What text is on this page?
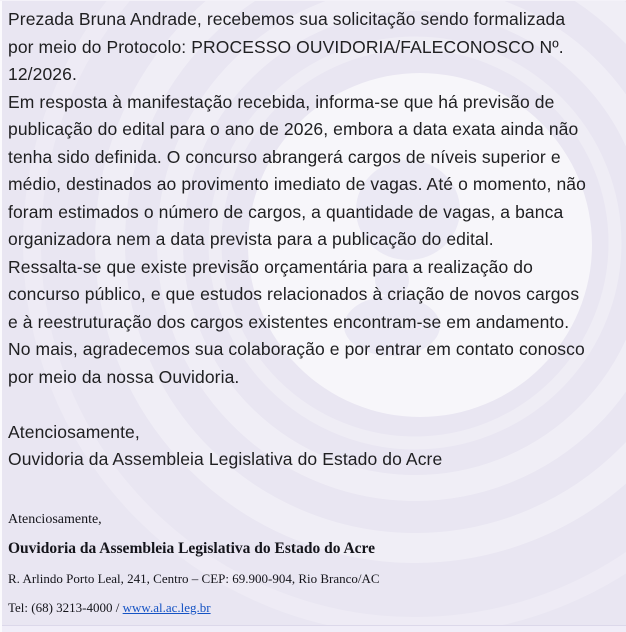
Prezada Bruna Andrade, recebemos sua solicitação sendo formalizada
por meio do Protocolo: PROCESSO OUVIDORIA/FALECONOSCO Nº.
12/2026.
Em resposta à manifestação recebida, informa-se que há previsão de
publicação do edital para o ano de 2026, embora a data exata ainda não
tenha sido definida. O concurso abrangerá cargos de níveis superior e
médio, destinados ao provimento imediato de vagas. Até o momento, não
foram estimados o número de cargos, a quantidade de vagas, a banca
organizadora nem a data prevista para a publicação do edital.
Ressalta-se que existe previsão orçamentária para a realização do
concurso público, e que estudos relacionados à criação de novos cargos
e à reestruturação dos cargos existentes encontram-se em andamento.
No mais, agradecemos sua colaboração e por entrar em contato conosco
por meio da nossa Ouvidoria.
Atenciosamente,
Ouvidoria da Assembleia Legislativa do Estado do Acre
Atenciosamente,
Ouvidoria da Assembleia Legislativa do Estado do Acre
R. Arlindo Porto Leal, 241, Centro – CEP: 69.900-904, Rio Branco/AC
Tel: (68) 3213-4000 / www.al.ac.leg.br
